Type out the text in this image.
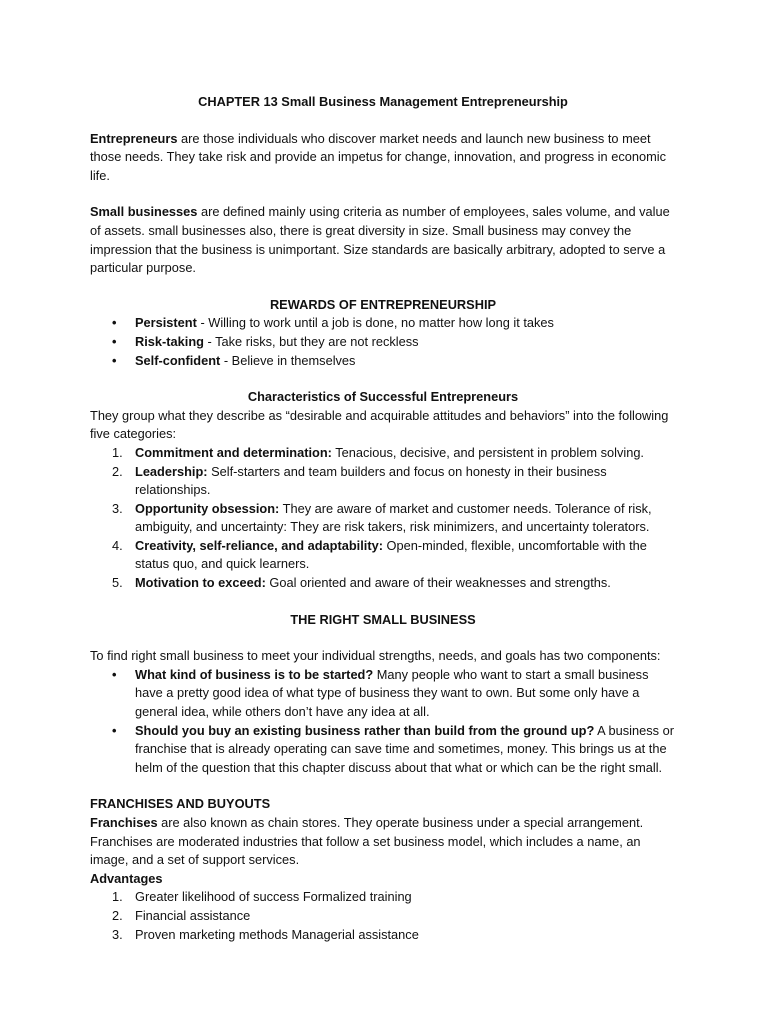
CHAPTER 13 Small Business Management Entrepreneurship

Entrepreneurs are those individuals who discover market needs and launch new business to meet those needs. They take risk and provide an impetus for change, innovation, and progress in economic life.

Small businesses are defined mainly using criteria as number of employees, sales volume, and value of assets. small businesses also, there is great diversity in size. Small business may convey the impression that the business is unimportant. Size standards are basically arbitrary, adopted to serve a particular purpose.

REWARDS OF ENTREPRENEURSHIP

• Persistent - Willing to work until a job is done, no matter how long it takes
• Risk-taking - Take risks, but they are not reckless
• Self-confident - Believe in themselves

Characteristics of Successful Entrepreneurs

They group what they describe as “desirable and acquirable attitudes and behaviors” into the following five categories:

1. Commitment and determination: Tenacious, decisive, and persistent in problem solving.
2. Leadership: Self-starters and team builders and focus on honesty in their business relationships.
3. Opportunity obsession: They are aware of market and customer needs. Tolerance of risk, ambiguity, and uncertainty: They are risk takers, risk minimizers, and uncertainty tolerators.
4. Creativity, self-reliance, and adaptability: Open-minded, flexible, uncomfortable with the status quo, and quick learners.
5. Motivation to exceed: Goal oriented and aware of their weaknesses and strengths.

THE RIGHT SMALL BUSINESS

To find right small business to meet your individual strengths, needs, and goals has two components:

• What kind of business is to be started? Many people who want to start a small business have a pretty good idea of what type of business they want to own. But some only have a general idea, while others don’t have any idea at all.
• Should you buy an existing business rather than build from the ground up? A business or franchise that is already operating can save time and sometimes, money. This brings us at the helm of the question that this chapter discuss about that what or which can be the right small.

FRANCHISES AND BUYOUTS

Franchises are also known as chain stores. They operate business under a special arrangement. Franchises are moderated industries that follow a set business model, which includes a name, an image, and a set of support services.

Advantages

1. Greater likelihood of success Formalized training
2. Financial assistance
3. Proven marketing methods Managerial assistance
